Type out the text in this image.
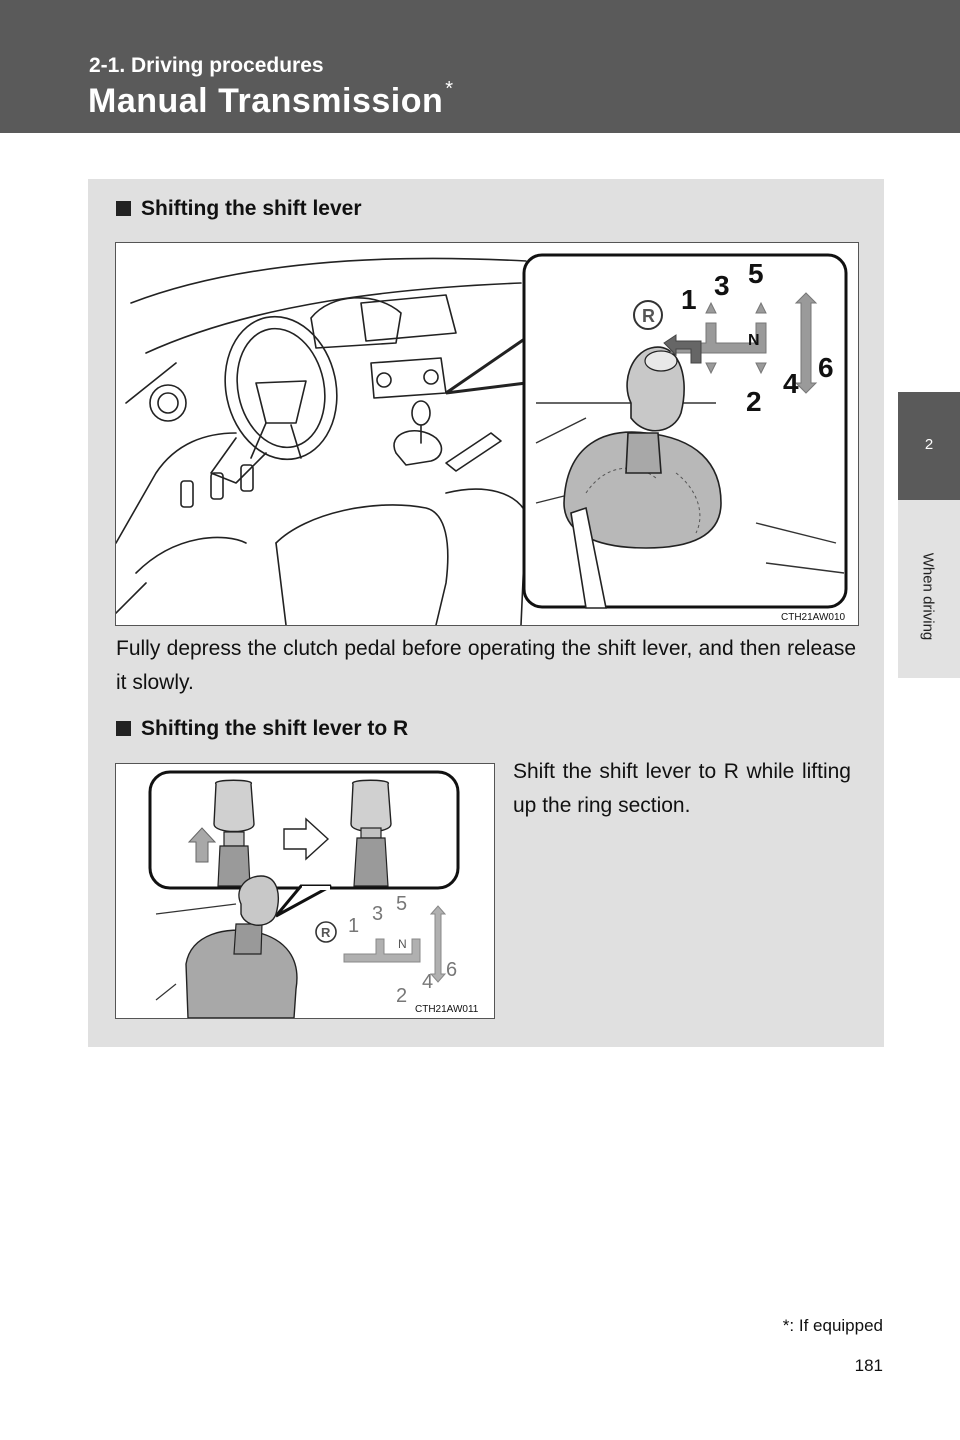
2-1. Driving procedures
Manual Transmission *
2
When driving
Shifting the shift lever
R
1 3 5
N
2
4
6
CTH21AW010
Fully depress the clutch pedal before operating the shift lever, and then release it slowly.
Shifting the shift lever to R
R 1
3 5
N
2
4
6
CTH21AW011
Shift the shift lever to R while lifting up the ring section.
*: If equipped
181
